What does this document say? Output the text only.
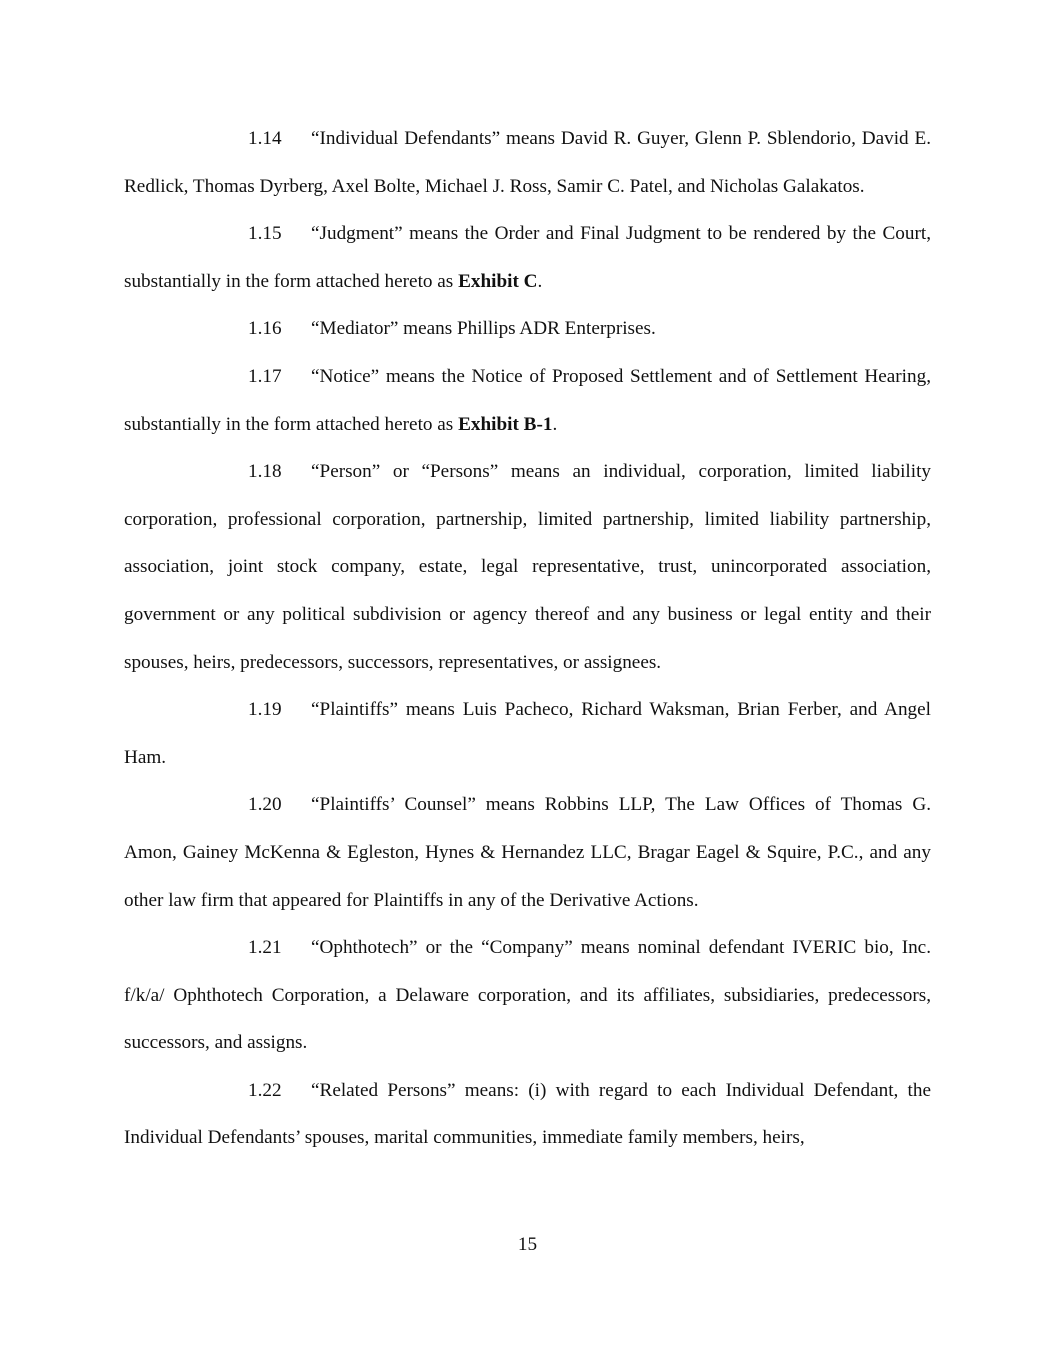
1.14 “Individual Defendants” means David R. Guyer, Glenn P. Sblendorio, David E. Redlick, Thomas Dyrberg, Axel Bolte, Michael J. Ross, Samir C. Patel, and Nicholas Galakatos.

1.15 “Judgment” means the Order and Final Judgment to be rendered by the Court, substantially in the form attached hereto as Exhibit C.

1.16 “Mediator” means Phillips ADR Enterprises.

1.17 “Notice” means the Notice of Proposed Settlement and of Settlement Hearing, substantially in the form attached hereto as Exhibit B-1.

1.18 “Person” or “Persons” means an individual, corporation, limited liability corporation, professional corporation, partnership, limited partnership, limited liability partnership, association, joint stock company, estate, legal representative, trust, unincorporated association, government or any political subdivision or agency thereof and any business or legal entity and their spouses, heirs, predecessors, successors, representatives, or assignees.

1.19 “Plaintiffs” means Luis Pacheco, Richard Waksman, Brian Ferber, and Angel Ham.

1.20 “Plaintiffs’ Counsel” means Robbins LLP, The Law Offices of Thomas G. Amon, Gainey McKenna & Egleston, Hynes & Hernandez LLC, Bragar Eagel & Squire, P.C., and any other law firm that appeared for Plaintiffs in any of the Derivative Actions.

1.21 “Ophthotech” or the “Company” means nominal defendant IVERIC bio, Inc. f/k/a/ Ophthotech Corporation, a Delaware corporation, and its affiliates, subsidiaries, predecessors, successors, and assigns.

1.22 “Related Persons” means: (i) with regard to each Individual Defendant, the Individual Defendants’ spouses, marital communities, immediate family members, heirs,

15
